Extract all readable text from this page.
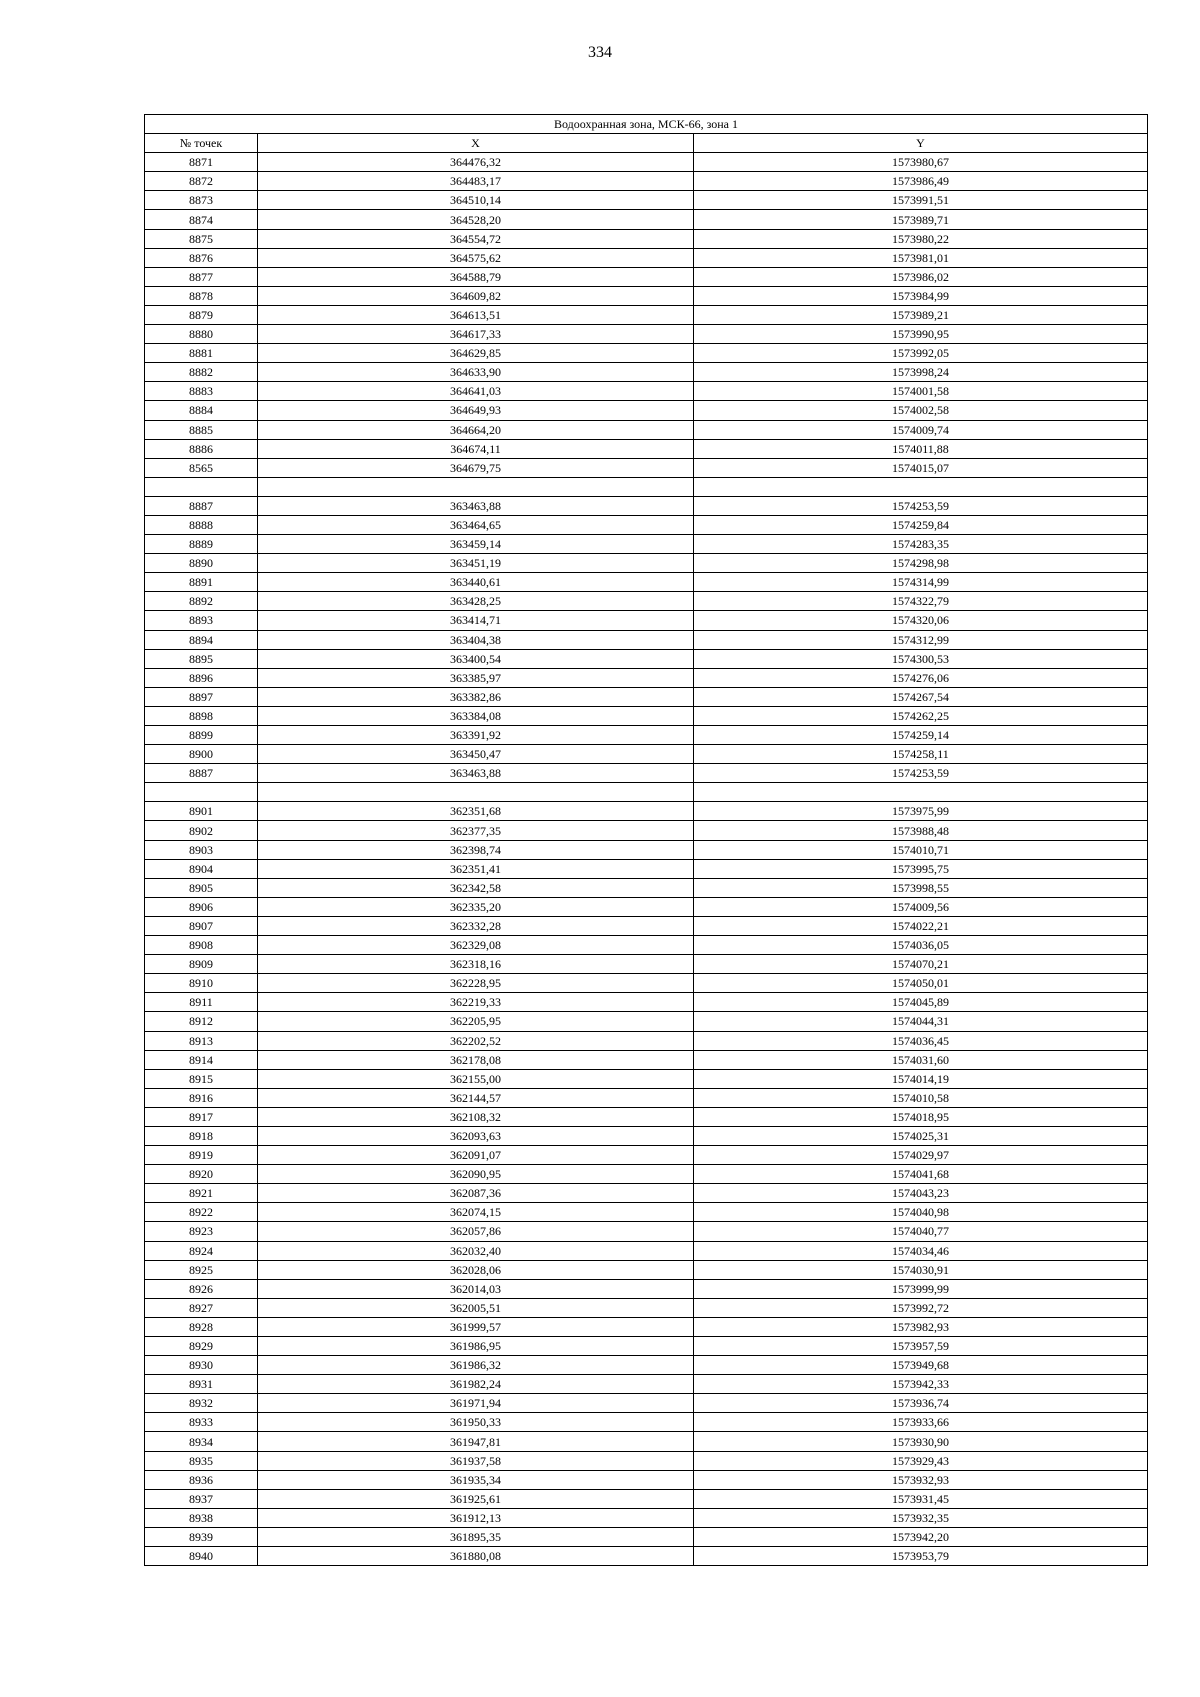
334
Водоохранная зона, МСК-66, зона 1		
№ точек	X	Y
8871	364476,32	1573980,67
8872	364483,17	1573986,49
8873	364510,14	1573991,51
8874	364528,20	1573989,71
8875	364554,72	1573980,22
8876	364575,62	1573981,01
8877	364588,79	1573986,02
8878	364609,82	1573984,99
8879	364613,51	1573989,21
8880	364617,33	1573990,95
8881	364629,85	1573992,05
8882	364633,90	1573998,24
8883	364641,03	1574001,58
8884	364649,93	1574002,58
8885	364664,20	1574009,74
8886	364674,11	1574011,88
8565	364679,75	1574015,07

8887	363463,88	1574253,59
8888	363464,65	1574259,84
8889	363459,14	1574283,35
8890	363451,19	1574298,98
8891	363440,61	1574314,99
8892	363428,25	1574322,79
8893	363414,71	1574320,06
8894	363404,38	1574312,99
8895	363400,54	1574300,53
8896	363385,97	1574276,06
8897	363382,86	1574267,54
8898	363384,08	1574262,25
8899	363391,92	1574259,14
8900	363450,47	1574258,11
8887	363463,88	1574253,59

8901	362351,68	1573975,99
8902	362377,35	1573988,48
8903	362398,74	1574010,71
8904	362351,41	1573995,75
8905	362342,58	1573998,55
8906	362335,20	1574009,56
8907	362332,28	1574022,21
8908	362329,08	1574036,05
8909	362318,16	1574070,21
8910	362228,95	1574050,01
8911	362219,33	1574045,89
8912	362205,95	1574044,31
8913	362202,52	1574036,45
8914	362178,08	1574031,60
8915	362155,00	1574014,19
8916	362144,57	1574010,58
8917	362108,32	1574018,95
8918	362093,63	1574025,31
8919	362091,07	1574029,97
8920	362090,95	1574041,68
8921	362087,36	1574043,23
8922	362074,15	1574040,98
8923	362057,86	1574040,77
8924	362032,40	1574034,46
8925	362028,06	1574030,91
8926	362014,03	1573999,99
8927	362005,51	1573992,72
8928	361999,57	1573982,93
8929	361986,95	1573957,59
8930	361986,32	1573949,68
8931	361982,24	1573942,33
8932	361971,94	1573936,74
8933	361950,33	1573933,66
8934	361947,81	1573930,90
8935	361937,58	1573929,43
8936	361935,34	1573932,93
8937	361925,61	1573931,45
8938	361912,13	1573932,35
8939	361895,35	1573942,20
8940	361880,08	1573953,79
